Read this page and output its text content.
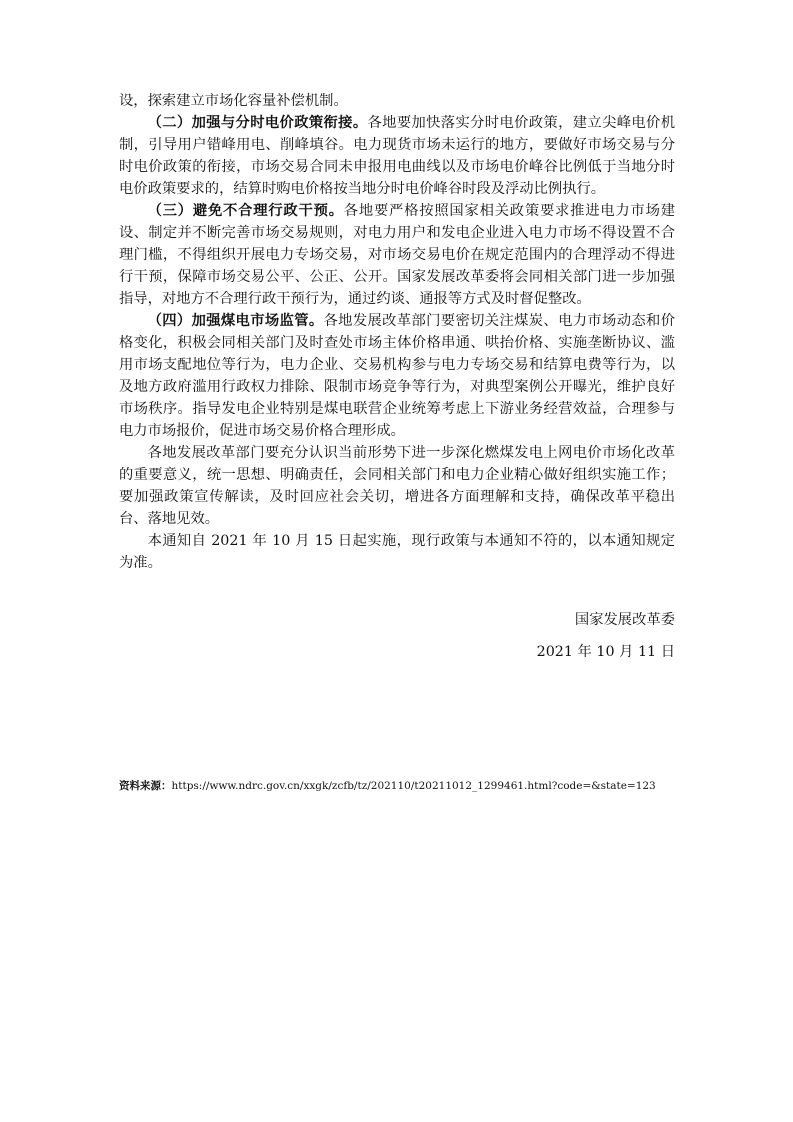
设，探索建立市场化容量补偿机制。

（二）加强与分时电价政策衔接。各地要加快落实分时电价政策，建立尖峰电价机制，引导用户错峰用电、削峰填谷。电力现货市场未运行的地方，要做好市场交易与分时电价政策的衔接，市场交易合同未申报用电曲线以及市场电价峰谷比例低于当地分时电价政策要求的，结算时购电价格按当地分时电价峰谷时段及浮动比例执行。

（三）避免不合理行政干预。各地要严格按照国家相关政策要求推进电力市场建设、制定并不断完善市场交易规则，对电力用户和发电企业进入电力市场不得设置不合理门槛，不得组织开展电力专场交易，对市场交易电价在规定范围内的合理浮动不得进行干预，保障市场交易公平、公正、公开。国家发展改革委将会同相关部门进一步加强指导，对地方不合理行政干预行为，通过约谈、通报等方式及时督促整改。

（四）加强煤电市场监管。各地发展改革部门要密切关注煤炭、电力市场动态和价格变化，积极会同相关部门及时查处市场主体价格串通、哄抬价格、实施垄断协议、滥用市场支配地位等行为，电力企业、交易机构参与电力专场交易和结算电费等行为，以及地方政府滥用行政权力排除、限制市场竞争等行为，对典型案例公开曝光，维护良好市场秩序。指导发电企业特别是煤电联营企业统筹考虑上下游业务经营效益，合理参与电力市场报价，促进市场交易价格合理形成。

各地发展改革部门要充分认识当前形势下进一步深化燃煤发电上网电价市场化改革的重要意义，统一思想、明确责任，会同相关部门和电力企业精心做好组织实施工作；要加强政策宣传解读，及时回应社会关切，增进各方面理解和支持，确保改革平稳出台、落地见效。

本通知自 2021 年 10 月 15 日起实施，现行政策与本通知不符的，以本通知规定为准。

国家发展改革委
2021 年 10 月 11 日
资料来源：https://www.ndrc.gov.cn/xxgk/zcfb/tz/202110/t20211012_1299461.html?code=&state=123
